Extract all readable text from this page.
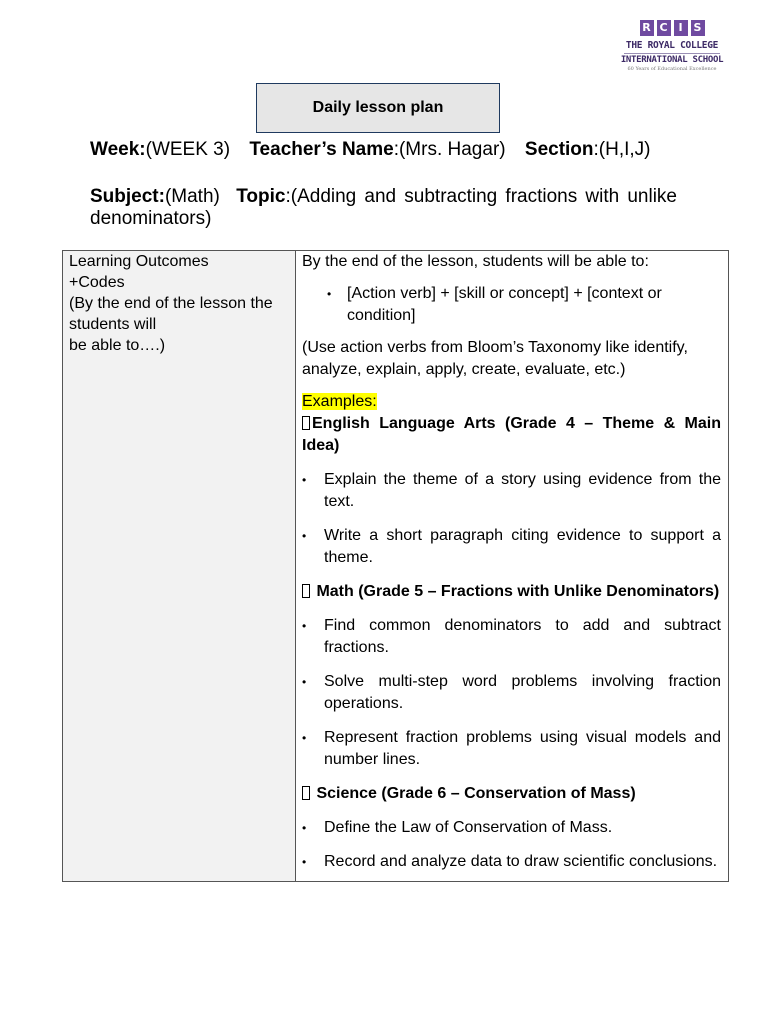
R C I S
THE ROYAL COLLEGE
INTERNATIONAL SCHOOL
60 Years of Educational Excellence
Daily lesson plan
Week:(WEEK 3) Teacher’s Name:(Mrs. Hagar) Section:(H,I,J)
Subject:(Math) Topic:(Adding and subtracting fractions with unlike denominators)
Learning Outcomes
+Codes
(By the end of the lesson the students will
be able to….)

By the end of the lesson, students will be able to:
• [Action verb] + [skill or concept] + [context or condition]
(Use action verbs from Bloom’s Taxonomy like identify, analyze, explain, apply, create, evaluate, etc.)
Examples:
English Language Arts (Grade 4 – Theme & Main Idea)
• Explain the theme of a story using evidence from the text.
• Write a short paragraph citing evidence to support a theme.
Math (Grade 5 – Fractions with Unlike Denominators)
• Find common denominators to add and subtract fractions.
• Solve multi-step word problems involving fraction operations.
• Represent fraction problems using visual models and number lines.
Science (Grade 6 – Conservation of Mass)
• Define the Law of Conservation of Mass.
• Record and analyze data to draw scientific conclusions.
